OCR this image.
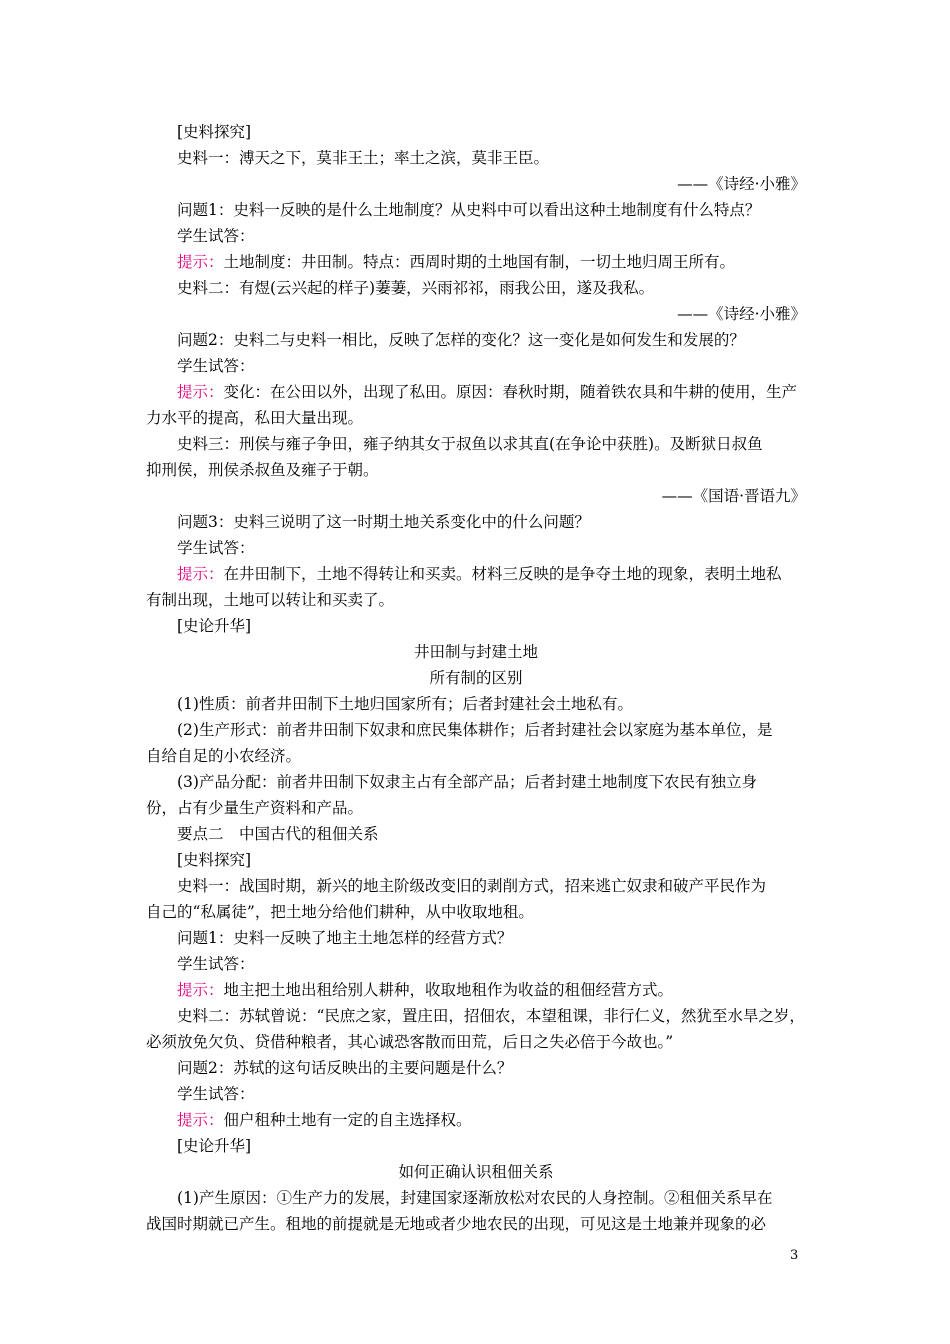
[史料探究]
史料一：溥天之下，莫非王土；率土之滨，莫非王臣。
——《诗经·小雅》
问题1：史料一反映的是什么土地制度？从史料中可以看出这种土地制度有什么特点？
学生试答：
提示：土地制度：井田制。特点：西周时期的土地国有制，一切土地归周王所有。
史料二：有煜(云兴起的样子)萋萋，兴雨祁祁，雨我公田，遂及我私。
——《诗经·小雅》
问题2：史料二与史料一相比，反映了怎样的变化？这一变化是如何发生和发展的？
学生试答：
提示：变化：在公田以外，出现了私田。原因：春秋时期，随着铁农具和牛耕的使用，生产
力水平的提高，私田大量出现。
史料三：刑侯与雍子争田，雍子纳其女于叔鱼以求其直(在争论中获胜)。及断狱日叔鱼
抑刑侯，刑侯杀叔鱼及雍子于朝。
——《国语·晋语九》
问题3：史料三说明了这一时期土地关系变化中的什么问题？
学生试答：
提示：在井田制下，土地不得转让和买卖。材料三反映的是争夺土地的现象，表明土地私
有制出现，土地可以转让和买卖了。
[史论升华]
井田制与封建土地
所有制的区别
(1)性质：前者井田制下土地归国家所有；后者封建社会土地私有。
(2)生产形式：前者井田制下奴隶和庶民集体耕作；后者封建社会以家庭为基本单位，是
自给自足的小农经济。
(3)产品分配：前者井田制下奴隶主占有全部产品；后者封建土地制度下农民有独立身
份，占有少量生产资料和产品。
要点二　中国古代的租佃关系
[史料探究]
史料一：战国时期，新兴的地主阶级改变旧的剥削方式，招来逃亡奴隶和破产平民作为
自己的“私属徒”，把土地分给他们耕种，从中收取地租。
问题1：史料一反映了地主土地怎样的经营方式？
学生试答：
提示：地主把土地出租给别人耕种，收取地租作为收益的租佃经营方式。
史料二：苏轼曾说：“民庶之家，置庄田，招佃农，本望租课，非行仁义，然犹至水旱之岁，
必须放免欠负、贷借种粮者，其心诚恐客散而田荒，后日之失必倍于今故也。”
问题2：苏轼的这句话反映出的主要问题是什么？
学生试答：
提示：佃户租种土地有一定的自主选择权。
[史论升华]
如何正确认识租佃关系
(1)产生原因：①生产力的发展，封建国家逐渐放松对农民的人身控制。②租佃关系早在
战国时期就已产生。租地的前提就是无地或者少地农民的出现，可见这是土地兼并现象的必
3
